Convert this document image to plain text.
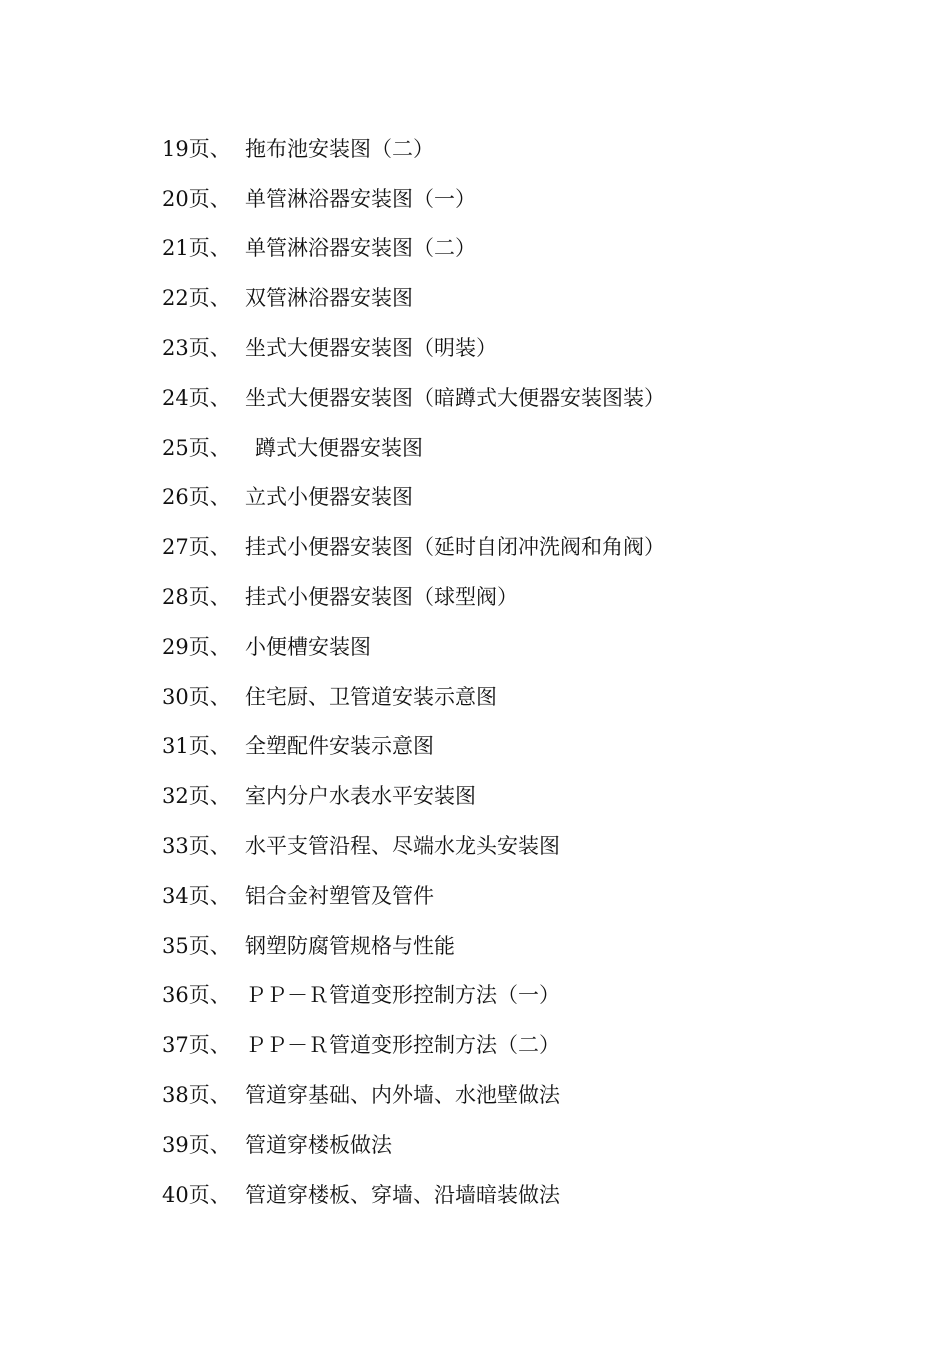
19页、 拖布池安装图（二）
20页、 单管淋浴器安装图（一）
21页、 单管淋浴器安装图（二）
22页、 双管淋浴器安装图
23页、 坐式大便器安装图（明装）
24页、 坐式大便器安装图（暗蹲式大便器安装图装）
25页、	蹲式大便器安装图
26页、 立式小便器安装图
27页、 挂式小便器安装图（延时自闭冲洗阀和角阀）
28页、 挂式小便器安装图（球型阀）
29页、 小便槽安装图
30页、 住宅厨、卫管道安装示意图
31页、 全塑配件安装示意图
32页、 室内分户水表水平安装图
33页、 水平支管沿程、尽端水龙头安装图
34页、 铝合金衬塑管及管件
35页、 钢塑防腐管规格与性能
36页、 ＰＰ－Ｒ管道变形控制方法（一）
37页、 ＰＰ－Ｒ管道变形控制方法（二）
38页、 管道穿基础、内外墙、水池壁做法
39页、 管道穿楼板做法
40页、 管道穿楼板、穿墙、沿墙暗装做法
